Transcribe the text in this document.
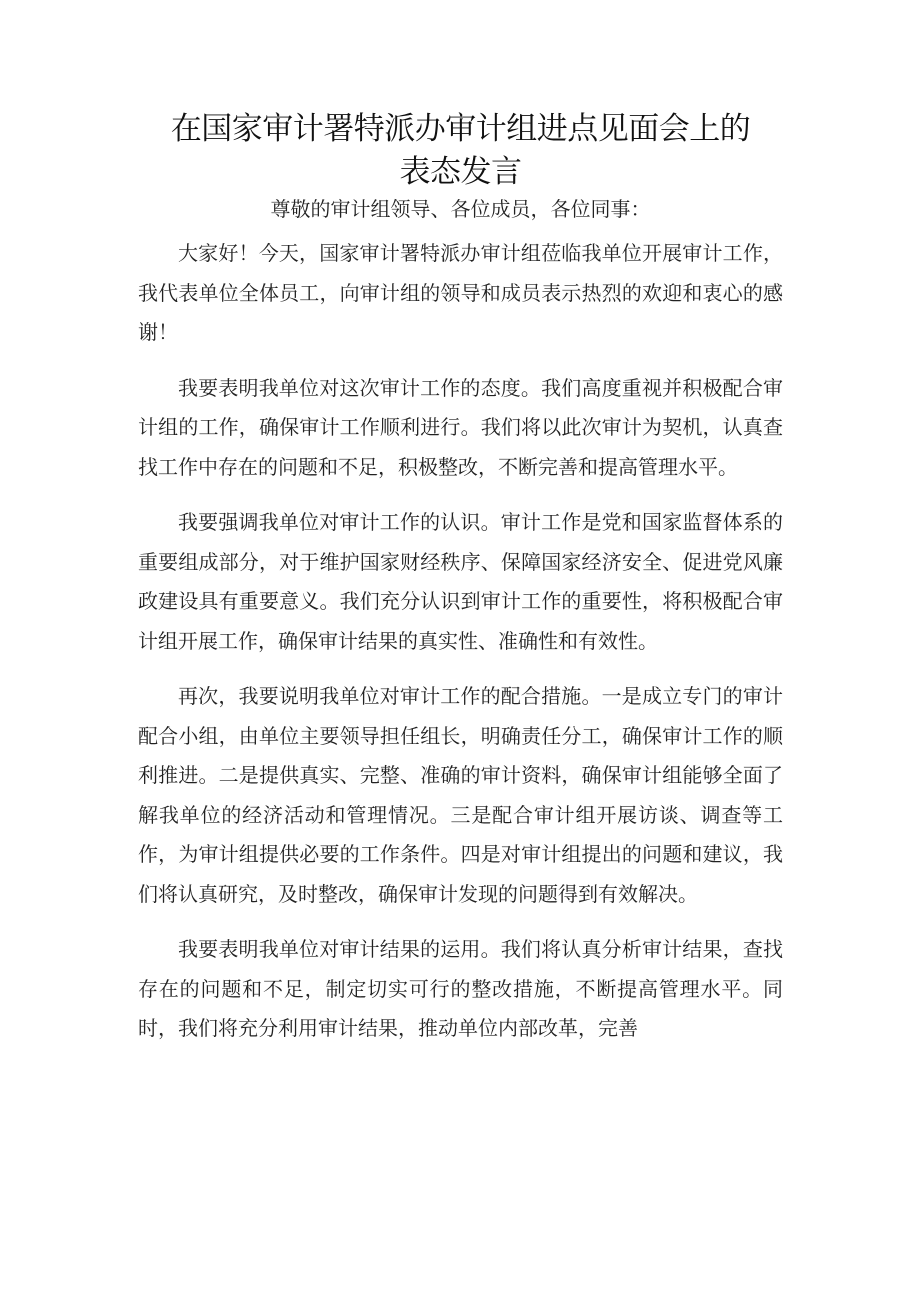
在国家审计署特派办审计组进点见面会上的
表态发言

尊敬的审计组领导、各位成员，各位同事：

大家好！今天，国家审计署特派办审计组莅临我单位开展审计工作，我代表单位全体员工，向审计组的领导和成员表示热烈的欢迎和衷心的感谢！

我要表明我单位对这次审计工作的态度。我们高度重视并积极配合审计组的工作，确保审计工作顺利进行。我们将以此次审计为契机，认真查找工作中存在的问题和不足，积极整改，不断完善和提高管理水平。

我要强调我单位对审计工作的认识。审计工作是党和国家监督体系的重要组成部分，对于维护国家财经秩序、保障国家经济安全、促进党风廉政建设具有重要意义。我们充分认识到审计工作的重要性，将积极配合审计组开展工作，确保审计结果的真实性、准确性和有效性。

再次，我要说明我单位对审计工作的配合措施。一是成立专门的审计配合小组，由单位主要领导担任组长，明确责任分工，确保审计工作的顺利推进。二是提供真实、完整、准确的审计资料，确保审计组能够全面了解我单位的经济活动和管理情况。三是配合审计组开展访谈、调查等工作，为审计组提供必要的工作条件。四是对审计组提出的问题和建议，我们将认真研究，及时整改，确保审计发现的问题得到有效解决。

我要表明我单位对审计结果的运用。我们将认真分析审计结果，查找存在的问题和不足，制定切实可行的整改措施，不断提高管理水平。同时，我们将充分利用审计结果，推动单位内部改革，完善
